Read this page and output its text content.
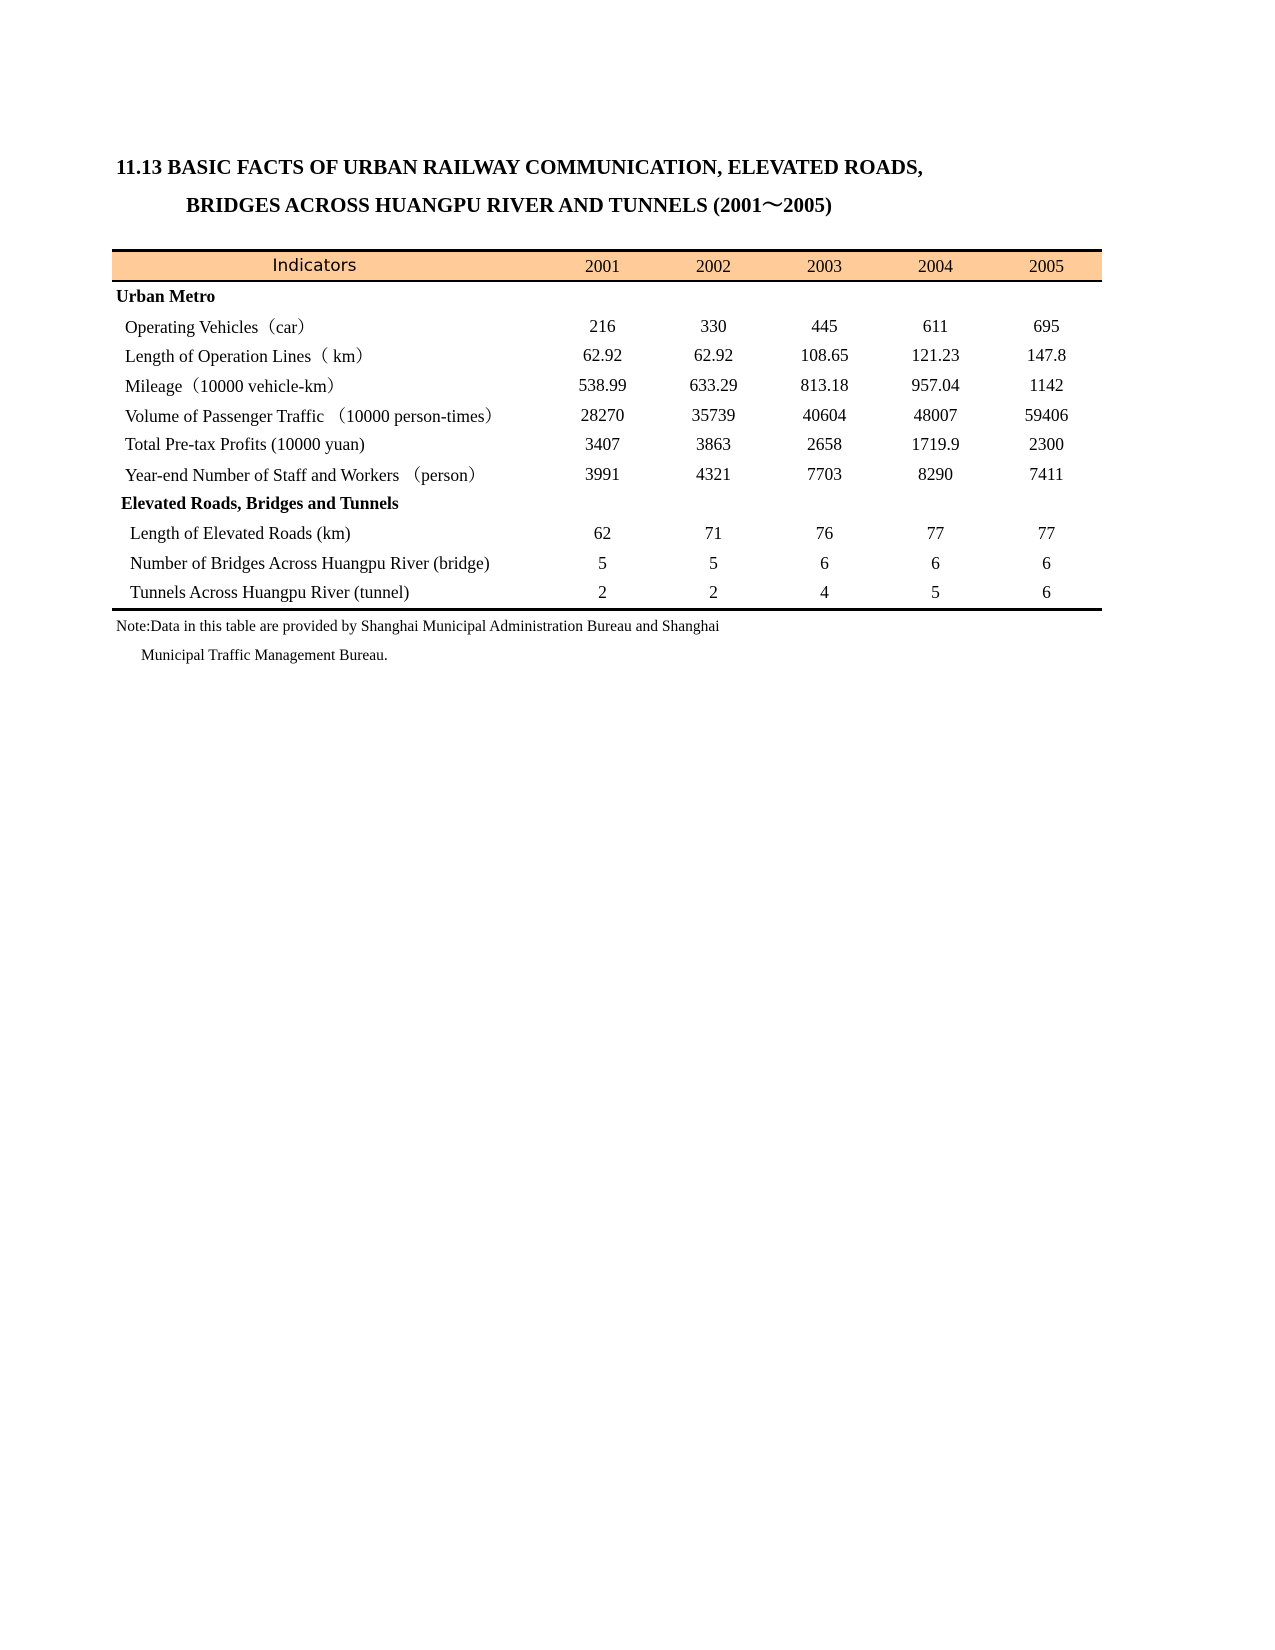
11.13 BASIC FACTS OF URBAN RAILWAY COMMUNICATION, ELEVATED ROADS,
BRIDGES ACROSS HUANGPU RIVER AND TUNNELS (2001～2005)
Indicators	2001	2002	2003	2004	2005
Urban Metro					
Operating Vehicles（car）	216	330	445	611	695
Length of Operation Lines（ km）	62.92	62.92	108.65	121.23	147.8
Mileage（10000 vehicle-km）	538.99	633.29	813.18	957.04	1142
Volume of Passenger Traffic （10000 person-times）	28270	35739	40604	48007	59406
Total Pre-tax Profits (10000 yuan)	3407	3863	2658	1719.9	2300
Year-end Number of Staff and Workers （person）	3991	4321	7703	8290	7411
Elevated Roads, Bridges and Tunnels					
Length of Elevated Roads (km)	62	71	76	77	77
Number of Bridges Across Huangpu River (bridge)	5	5	6	6	6
Tunnels Across Huangpu River (tunnel)	2	2	4	5	6
Note:Data in this table are provided by Shanghai Municipal Administration Bureau and Shanghai
Municipal Traffic Management Bureau.
